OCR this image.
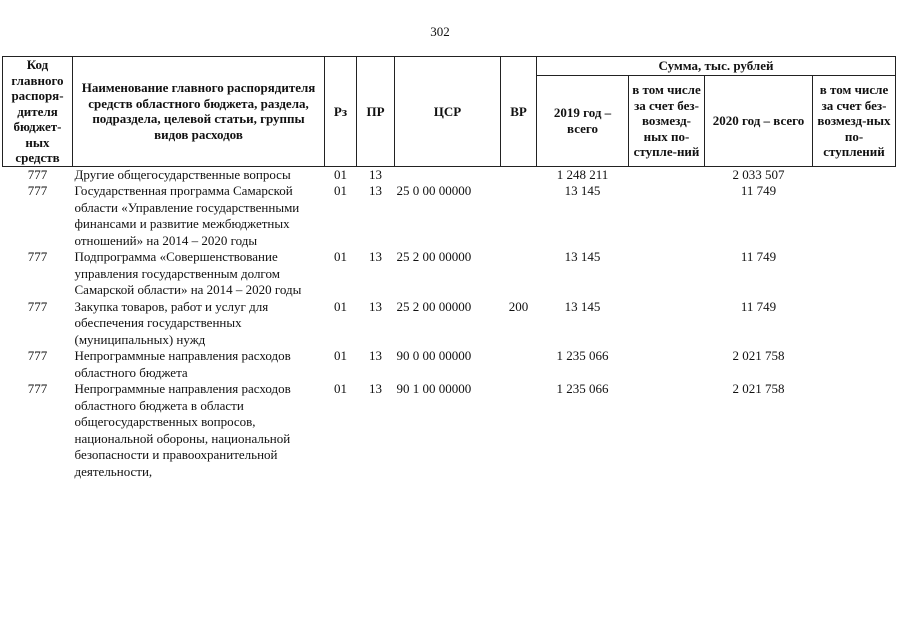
302
Код главного распоря-дителя бюджет-ных средств	Наименование главного распорядителя средств областного бюджета, раздела, подраздела, целевой статьи, группы видов расходов	Рз	ПР	ЦСР	ВР	Сумма, тыс. рублей			
						2019 год – всего	в том числе за счет без-возмезд-ных по-ступле-ний	2020 год – всего	в том числе за счет без-возмезд-ных по-ступлений
777	Другие общегосударственные вопросы	01	13			1 248 211		2 033 507	
777	Государственная программа Самарской области «Управление государственными финансами и развитие межбюджетных отношений» на 2014 – 2020 годы	01	13	25 0 00 00000		13 145		11 749	
777	Подпрограмма «Совершенствование управления государственным долгом Самарской области» на 2014 – 2020 годы	01	13	25 2 00 00000		13 145		11 749	
777	Закупка товаров, работ и услуг для обеспечения государственных (муниципальных) нужд	01	13	25 2 00 00000	200	13 145		11 749	
777	Непрограммные направления расходов областного бюджета	01	13	90 0 00 00000		1 235 066		2 021 758	
777	Непрограммные направления расходов областного бюджета в области общегосударственных вопросов, национальной обороны, национальной безопасности и правоохранительной деятельности,	01	13	90 1 00 00000		1 235 066		2 021 758	
